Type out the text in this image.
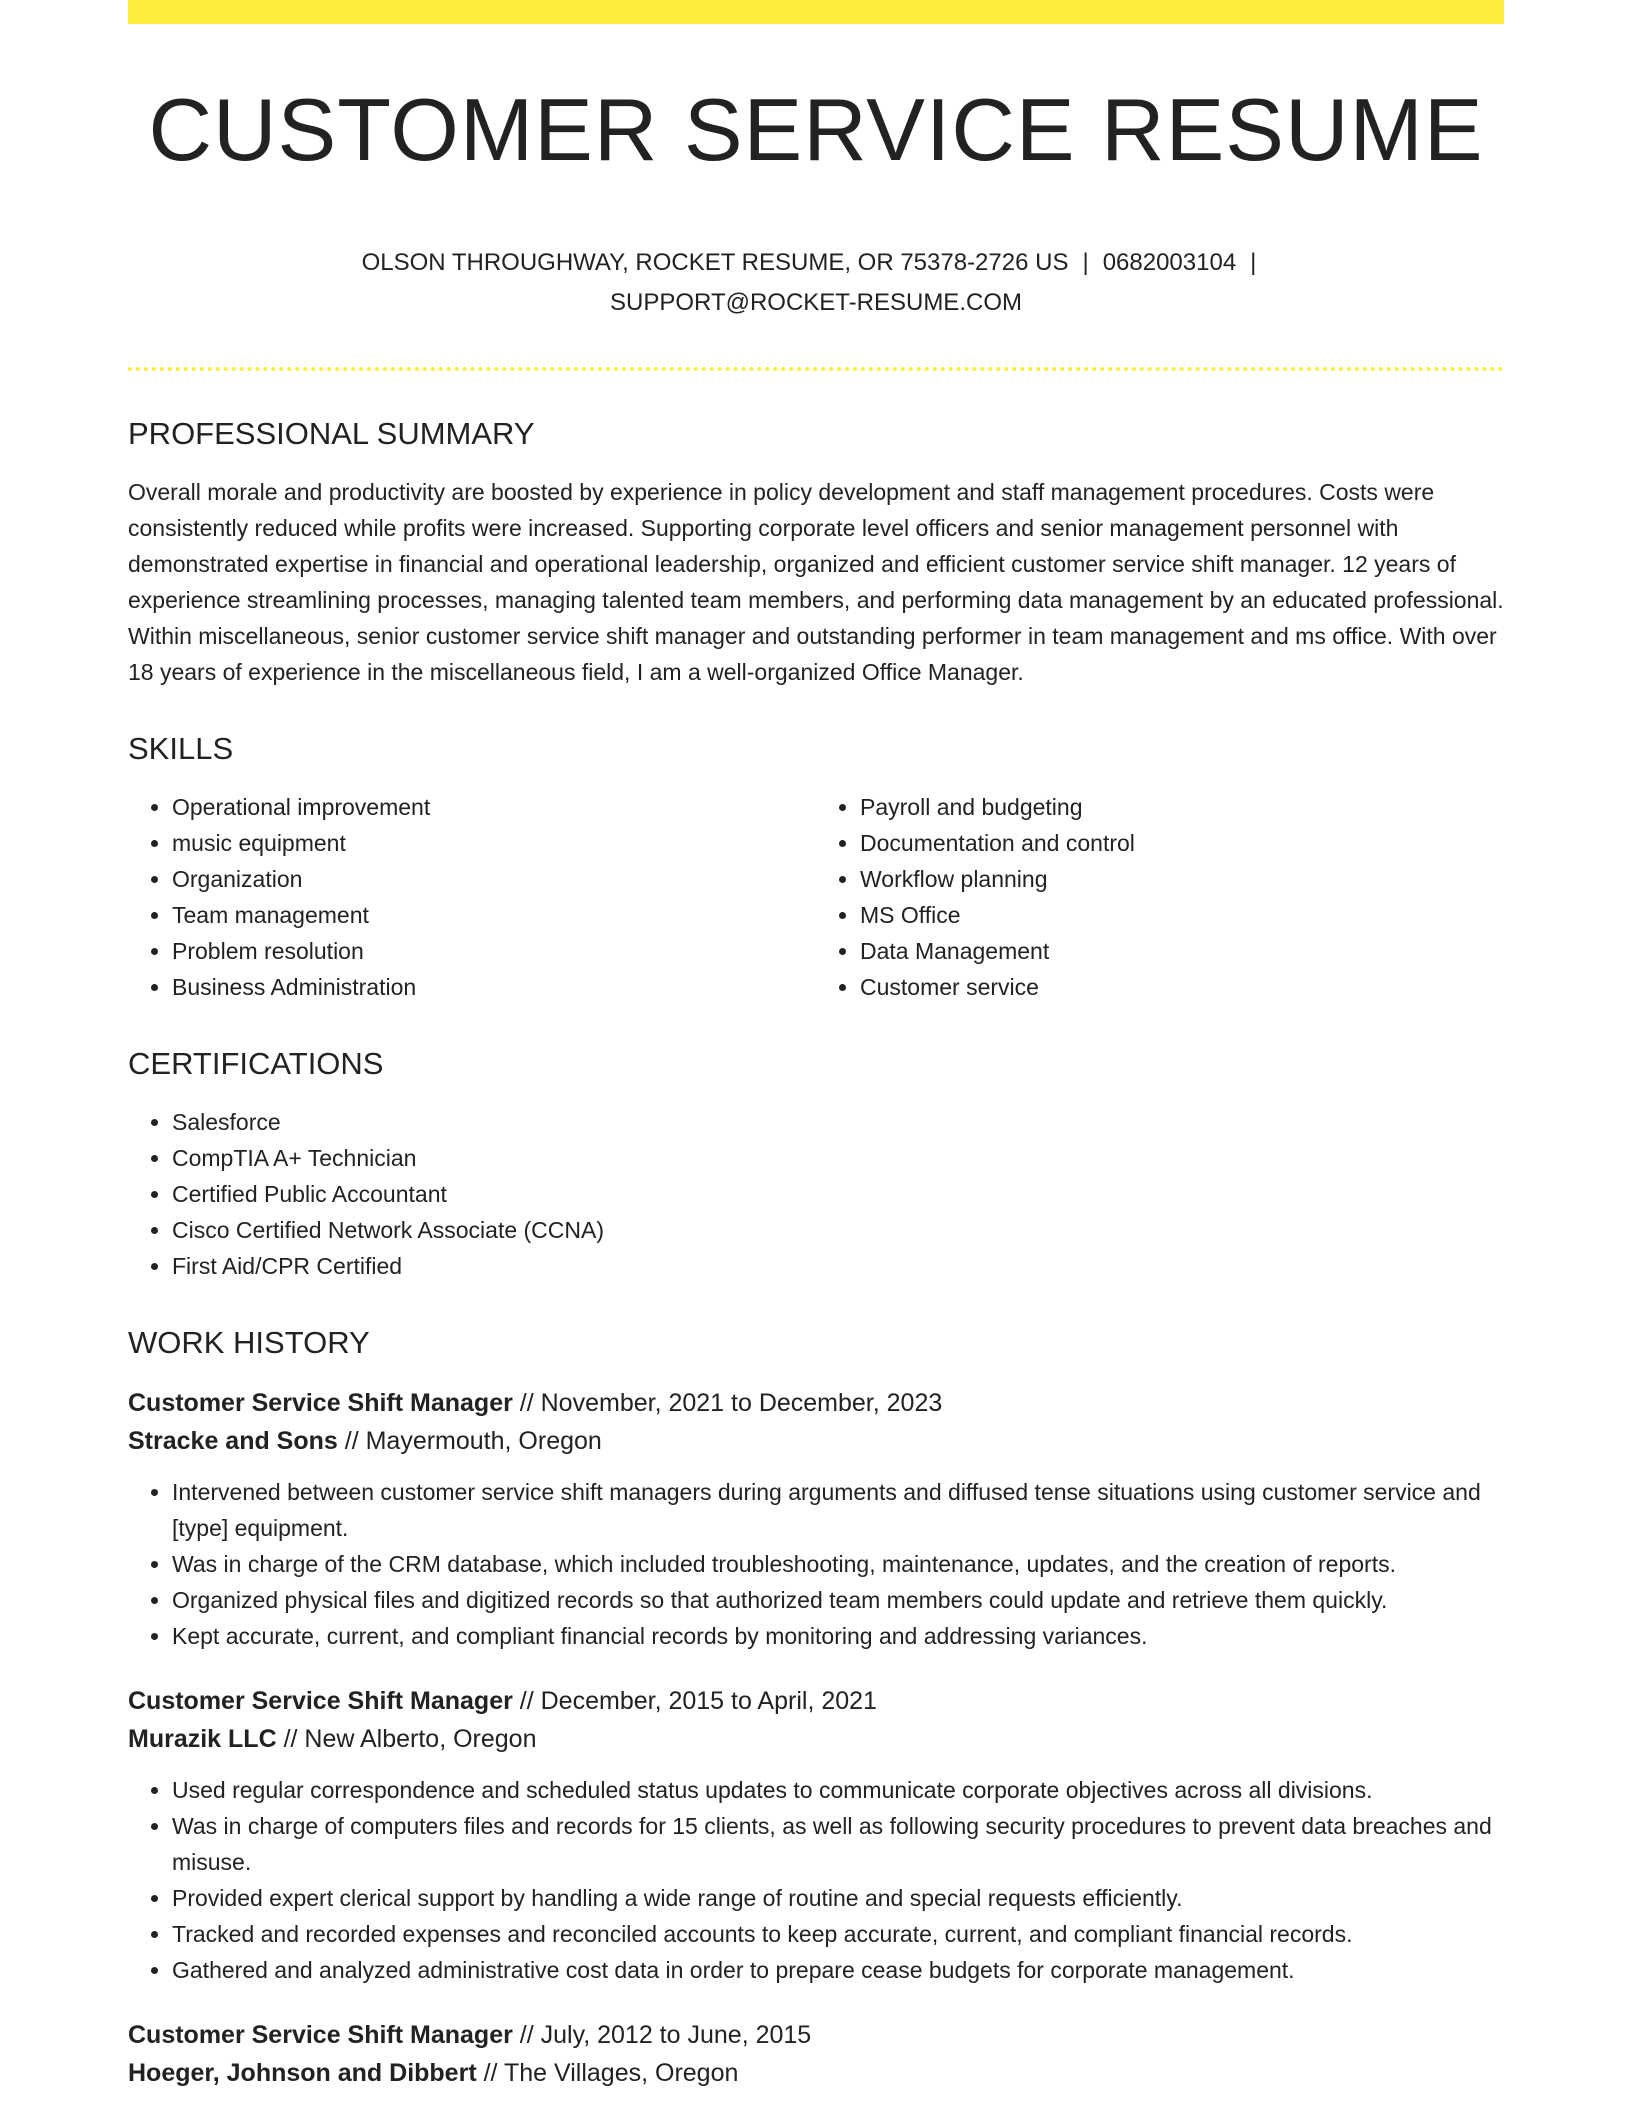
CUSTOMER SERVICE RESUME
OLSON THROUGHWAY, ROCKET RESUME, OR 75378-2726 US | 0682003104 |
SUPPORT@ROCKET-RESUME.COM
PROFESSIONAL SUMMARY

Overall morale and productivity are boosted by experience in policy development and staff management procedures. Costs were consistently reduced while profits were increased. Supporting corporate level officers and senior management personnel with demonstrated expertise in financial and operational leadership, organized and efficient customer service shift manager. 12 years of experience streamlining processes, managing talented team members, and performing data management by an educated professional. Within miscellaneous, senior customer service shift manager and outstanding performer in team management and ms office. With over 18 years of experience in the miscellaneous field, I am a well-organized Office Manager.

SKILLS
• Operational improvement
• music equipment
• Organization
• Team management
• Problem resolution
• Business Administration
• Payroll and budgeting
• Documentation and control
• Workflow planning
• MS Office
• Data Management
• Customer service
CERTIFICATIONS
• Salesforce
• CompTIA A+ Technician
• Certified Public Accountant
• Cisco Certified Network Associate (CCNA)
• First Aid/CPR Certified
WORK HISTORY
Customer Service Shift Manager // November, 2021 to December, 2023
Stracke and Sons // Mayermouth, Oregon
• Intervened between customer service shift managers during arguments and diffused tense situations using customer service and [type] equipment.
• Was in charge of the CRM database, which included troubleshooting, maintenance, updates, and the creation of reports.
• Organized physical files and digitized records so that authorized team members could update and retrieve them quickly.
• Kept accurate, current, and compliant financial records by monitoring and addressing variances.
Customer Service Shift Manager // December, 2015 to April, 2021
Murazik LLC // New Alberto, Oregon
• Used regular correspondence and scheduled status updates to communicate corporate objectives across all divisions.
• Was in charge of computers files and records for 15 clients, as well as following security procedures to prevent data breaches and misuse.
• Provided expert clerical support by handling a wide range of routine and special requests efficiently.
• Tracked and recorded expenses and reconciled accounts to keep accurate, current, and compliant financial records.
• Gathered and analyzed administrative cost data in order to prepare cease budgets for corporate management.
Customer Service Shift Manager // July, 2012 to June, 2015
Hoeger, Johnson and Dibbert // The Villages, Oregon
